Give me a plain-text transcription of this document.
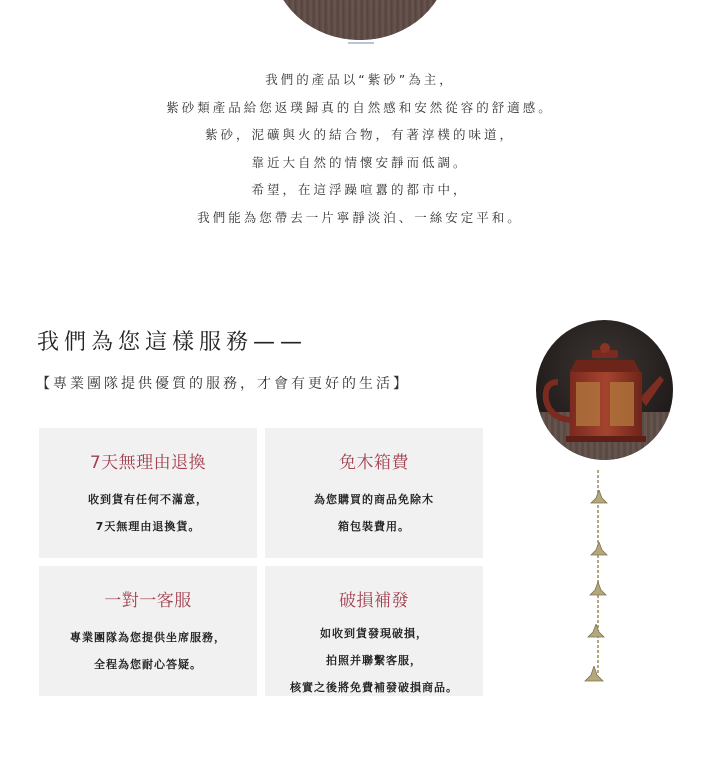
我們的產品以“紫砂”為主，

紫砂類產品給您返璞歸真的自然感和安然從容的舒適感。

紫砂，泥礦與火的結合物，有著淳樸的味道，

靠近大自然的情懷安靜而低調。

希望，在這浮躁喧囂的都市中，

我們能為您帶去一片寧靜淡泊、一絲安定平和。

我們為您這樣服務——

【專業團隊提供優質的服務，才會有更好的生活】

7天無理由退換
收到貨有任何不滿意，
7天無理由退換貨。
免木箱費
為您購買的商品免除木
箱包裝費用。
一對一客服
專業團隊為您提供坐席服務，
全程為您耐心答疑。
破損補發
如收到貨發現破損，
拍照并聯繫客服，
核實之後將免費補發破損商品。
